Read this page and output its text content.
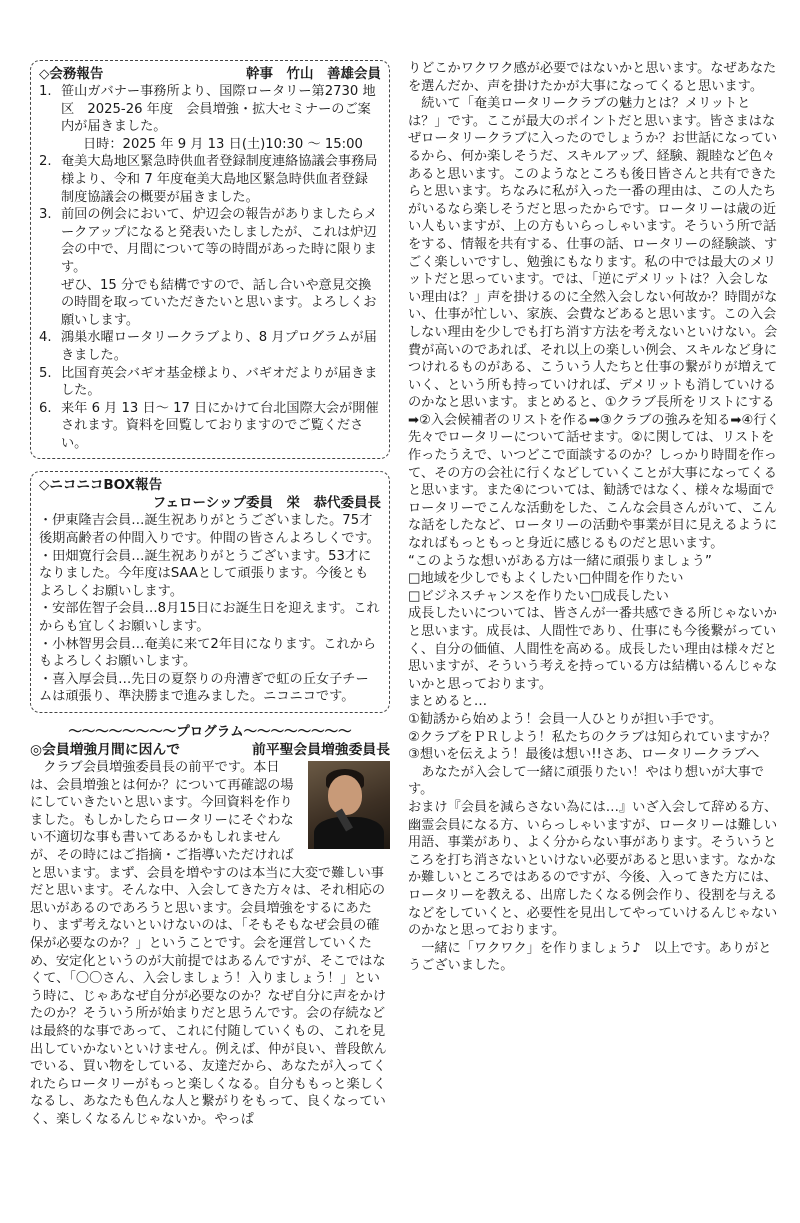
◇会務報告	幹事　竹山　善雄会員
1. 笹山ガバナー事務所より、国際ロータリー第2730 地区　2025-26 年度　会員増強・拡大セミナーのご案内が届きました。
日時：2025 年 9 月 13 日(土)10:30 ～ 15:00
2. 奄美大島地区緊急時供血者登録制度連絡協議会事務局様より、令和 7 年度奄美大島地区緊急時供血者登録制度協議会の概要が届きました。
3. 前回の例会において、炉辺会の報告がありましたらメークアップになると発表いたしましたが、これは炉辺会の中で、月間について等の時間があった時に限ります。
ぜひ、15 分でも結構ですので、話し合いや意見交換の時間を取っていただきたいと思います。よろしくお願いします。
4. 鴻巣水曜ロータリークラブより、8 月プログラムが届きました。
5. 比国育英会バギオ基金様より、バギオだよりが届きました。
6. 来年 6 月 13 日～ 17 日にかけて台北国際大会が開催されます。資料を回覧しておりますのでご覧ください。
◇ニコニコBOX報告
フェローシップ委員　栄　恭代委員長

・伊東隆吉会員…誕生祝ありがとうございました。75才後期高齢者の仲間入りです。仲間の皆さんよろしくです。

・田畑寛行会員…誕生祝ありがとうございます。53才になりました。今年度はSAAとして頑張ります。今後ともよろしくお願いします。

・安部佐智子会員…8月15日にお誕生日を迎えます。これからも宜しくお願いします。

・小林智男会員…奄美に来て2年目になります。これからもよろしくお願いします。

・喜入厚会員…先日の夏祭りの舟漕ぎで虹の丘女子チームは頑張り、準決勝まで進みました。ニコニコです。

〜〜〜〜〜〜〜〜プログラム〜〜〜〜〜〜〜〜
◎会員増強月間に因んで	前平聖会員増強委員長

クラブ会員増強委員長の前平です。本日は、会員増強とは何か？について再確認の場にしていきたいと思います。今回資料を作りました。もしかしたらロータリーにそぐわない不適切な事も書いてあるかもしれませんが、その時にはご指摘・ご指導いただければと思います。まず、会員を増やすのは本当に大変で難しい事だと思います。そんな中、入会してきた方々は、それ相応の思いがあるのであろうと思います。会員増強をするにあたり、まず考えないといけないのは、「そもそもなぜ会員の確保が必要なのか？」ということです。会を運営していくため、安定化というのが大前提ではあるんですが、そこではなくて、「〇〇さん、入会しましょう！入りましょう！」という時に、じゃあなぜ自分が必要なのか？なぜ自分に声をかけたのか？そういう所が始まりだと思うんです。会の存続などは最終的な事であって、これに付随していくもの、これを見出していかないといけません。例えば、仲が良い、普段飲んでいる、買い物をしている、友達だから、あなたが入ってくれたらロータリーがもっと楽しくなる。自分ももっと楽しくなるし、あなたも色んな人と繋がりをもって、良くなっていく、楽しくなるんじゃないか。やっぱ

りどこかワクワク感が必要ではないかと思います。なぜあなたを選んだか、声を掛けたかが大事になってくると思います。

続いて「奄美ロータリークラブの魅力とは？メリットとは？」です。ここが最大のポイントだと思います。皆さまはなぜロータリークラブに入ったのでしょうか？お世話になっているから、何か楽しそうだ、スキルアップ、経験、親睦など色々あると思います。このようなところも後日皆さんと共有できたらと思います。ちなみに私が入った一番の理由は、この人たちがいるなら楽しそうだと思ったからです。ロータリーは歳の近い人もいますが、上の方もいらっしゃいます。そういう所で話をする、情報を共有する、仕事の話、ロータリーの経験談、すごく楽しいですし、勉強にもなります。私の中では最大のメリットだと思っています。では、「逆にデメリットは？入会しない理由は？」声を掛けるのに全然入会しない何故か？時間がない、仕事が忙しい、家族、会費などあると思います。この入会しない理由を少しでも打ち消す方法を考えないといけない。会費が高いのであれば、それ以上の楽しい例会、スキルなど身につけれるものがある、こういう人たちと仕事の繋がりが増えていく、という所も持っていければ、デメリットも消していけるのかなと思います。まとめると、①クラブ長所をリストにする➡②入会候補者のリストを作る➡③クラブの強みを知る➡④行く先々でロータリーについて話せます。②に関しては、リストを作ったうえで、いつどこで面談するのか？しっかり時間を作って、その方の会社に行くなどしていくことが大事になってくると思います。また④については、勧誘ではなく、様々な場面でロータリーでこんな活動をした、こんな会員さんがいて、こんな話をしたなど、ロータリーの活動や事業が目に見えるようになればもっともっと身近に感じるものだと思います。

“このような想いがある方は一緒に頑張りましょう”

□地域を少しでもよくしたい□仲間を作りたい

□ビジネスチャンスを作りたい□成長したい

成長したいについては、皆さんが一番共感できる所じゃないかと思います。成長は、人間性であり、仕事にも今後繋がっていく、自分の価値、人間性を高める。成長したい理由は様々だと思いますが、そういう考えを持っている方は結構いるんじゃないかと思っております。

まとめると…

①勧誘から始めよう！会員一人ひとりが担い手です。

②クラブをＰＲしよう！私たちのクラブは知られていますか？

③想いを伝えよう！最後は想い!!さあ、ロータリークラブへ

あなたが入会して一緒に頑張りたい！やはり想いが大事です。

おまけ『会員を減らさない為には…』いざ入会して辞める方、幽霊会員になる方、いらっしゃいますが、ロータリーは難しい用語、事業があり、よく分からない事があります。そういうところを打ち消さないといけない必要があると思います。なかなか難しいところではあるのですが、今後、入ってきた方には、ロータリーを教える、出席したくなる例会作り、役割を与えるなどをしていくと、必要性を見出してやっていけるんじゃないのかなと思っております。

一緒に「ワクワク」を作りましょう♪　以上です。ありがとうございました。
